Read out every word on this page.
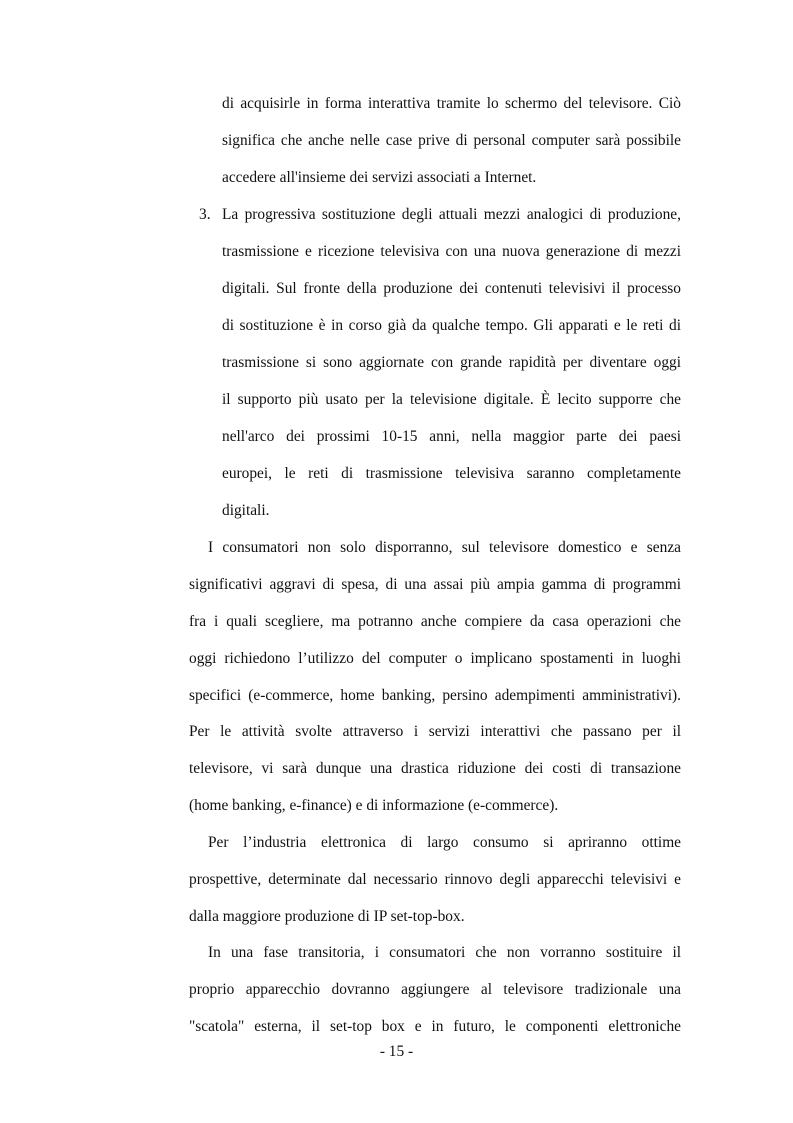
di acquisirle in forma interattiva tramite lo schermo del televisore. Ciò
significa che anche nelle case prive di personal computer sarà possibile
accedere all'insieme dei servizi associati a Internet.
3. La progressiva sostituzione degli attuali mezzi analogici di produzione,
trasmissione e ricezione televisiva con una nuova generazione di mezzi
digitali. Sul fronte della produzione dei contenuti televisivi il processo
di sostituzione è in corso già da qualche tempo. Gli apparati e le reti di
trasmissione si sono aggiornate con grande rapidità per diventare oggi
il supporto più usato per la televisione digitale. È lecito supporre che
nell'arco dei prossimi 10-15 anni, nella maggior parte dei paesi
europei, le reti di trasmissione televisiva saranno completamente
digitali.
I consumatori non solo disporranno, sul televisore domestico e senza
significativi aggravi di spesa, di una assai più ampia gamma di programmi
fra i quali scegliere, ma potranno anche compiere da casa operazioni che
oggi richiedono l’utilizzo del computer o implicano spostamenti in luoghi
specifici (e-commerce, home banking, persino adempimenti amministrativi).
Per le attività svolte attraverso i servizi interattivi che passano per il
televisore, vi sarà dunque una drastica riduzione dei costi di transazione
(home banking, e-finance) e di informazione (e-commerce).
Per l’industria elettronica di largo consumo si apriranno ottime
prospettive, determinate dal necessario rinnovo degli apparecchi televisivi e
dalla maggiore produzione di IP set-top-box.
In una fase transitoria, i consumatori che non vorranno sostituire il
proprio apparecchio dovranno aggiungere al televisore tradizionale una
"scatola" esterna, il set-top box e in futuro, le componenti elettroniche
- 15 -
